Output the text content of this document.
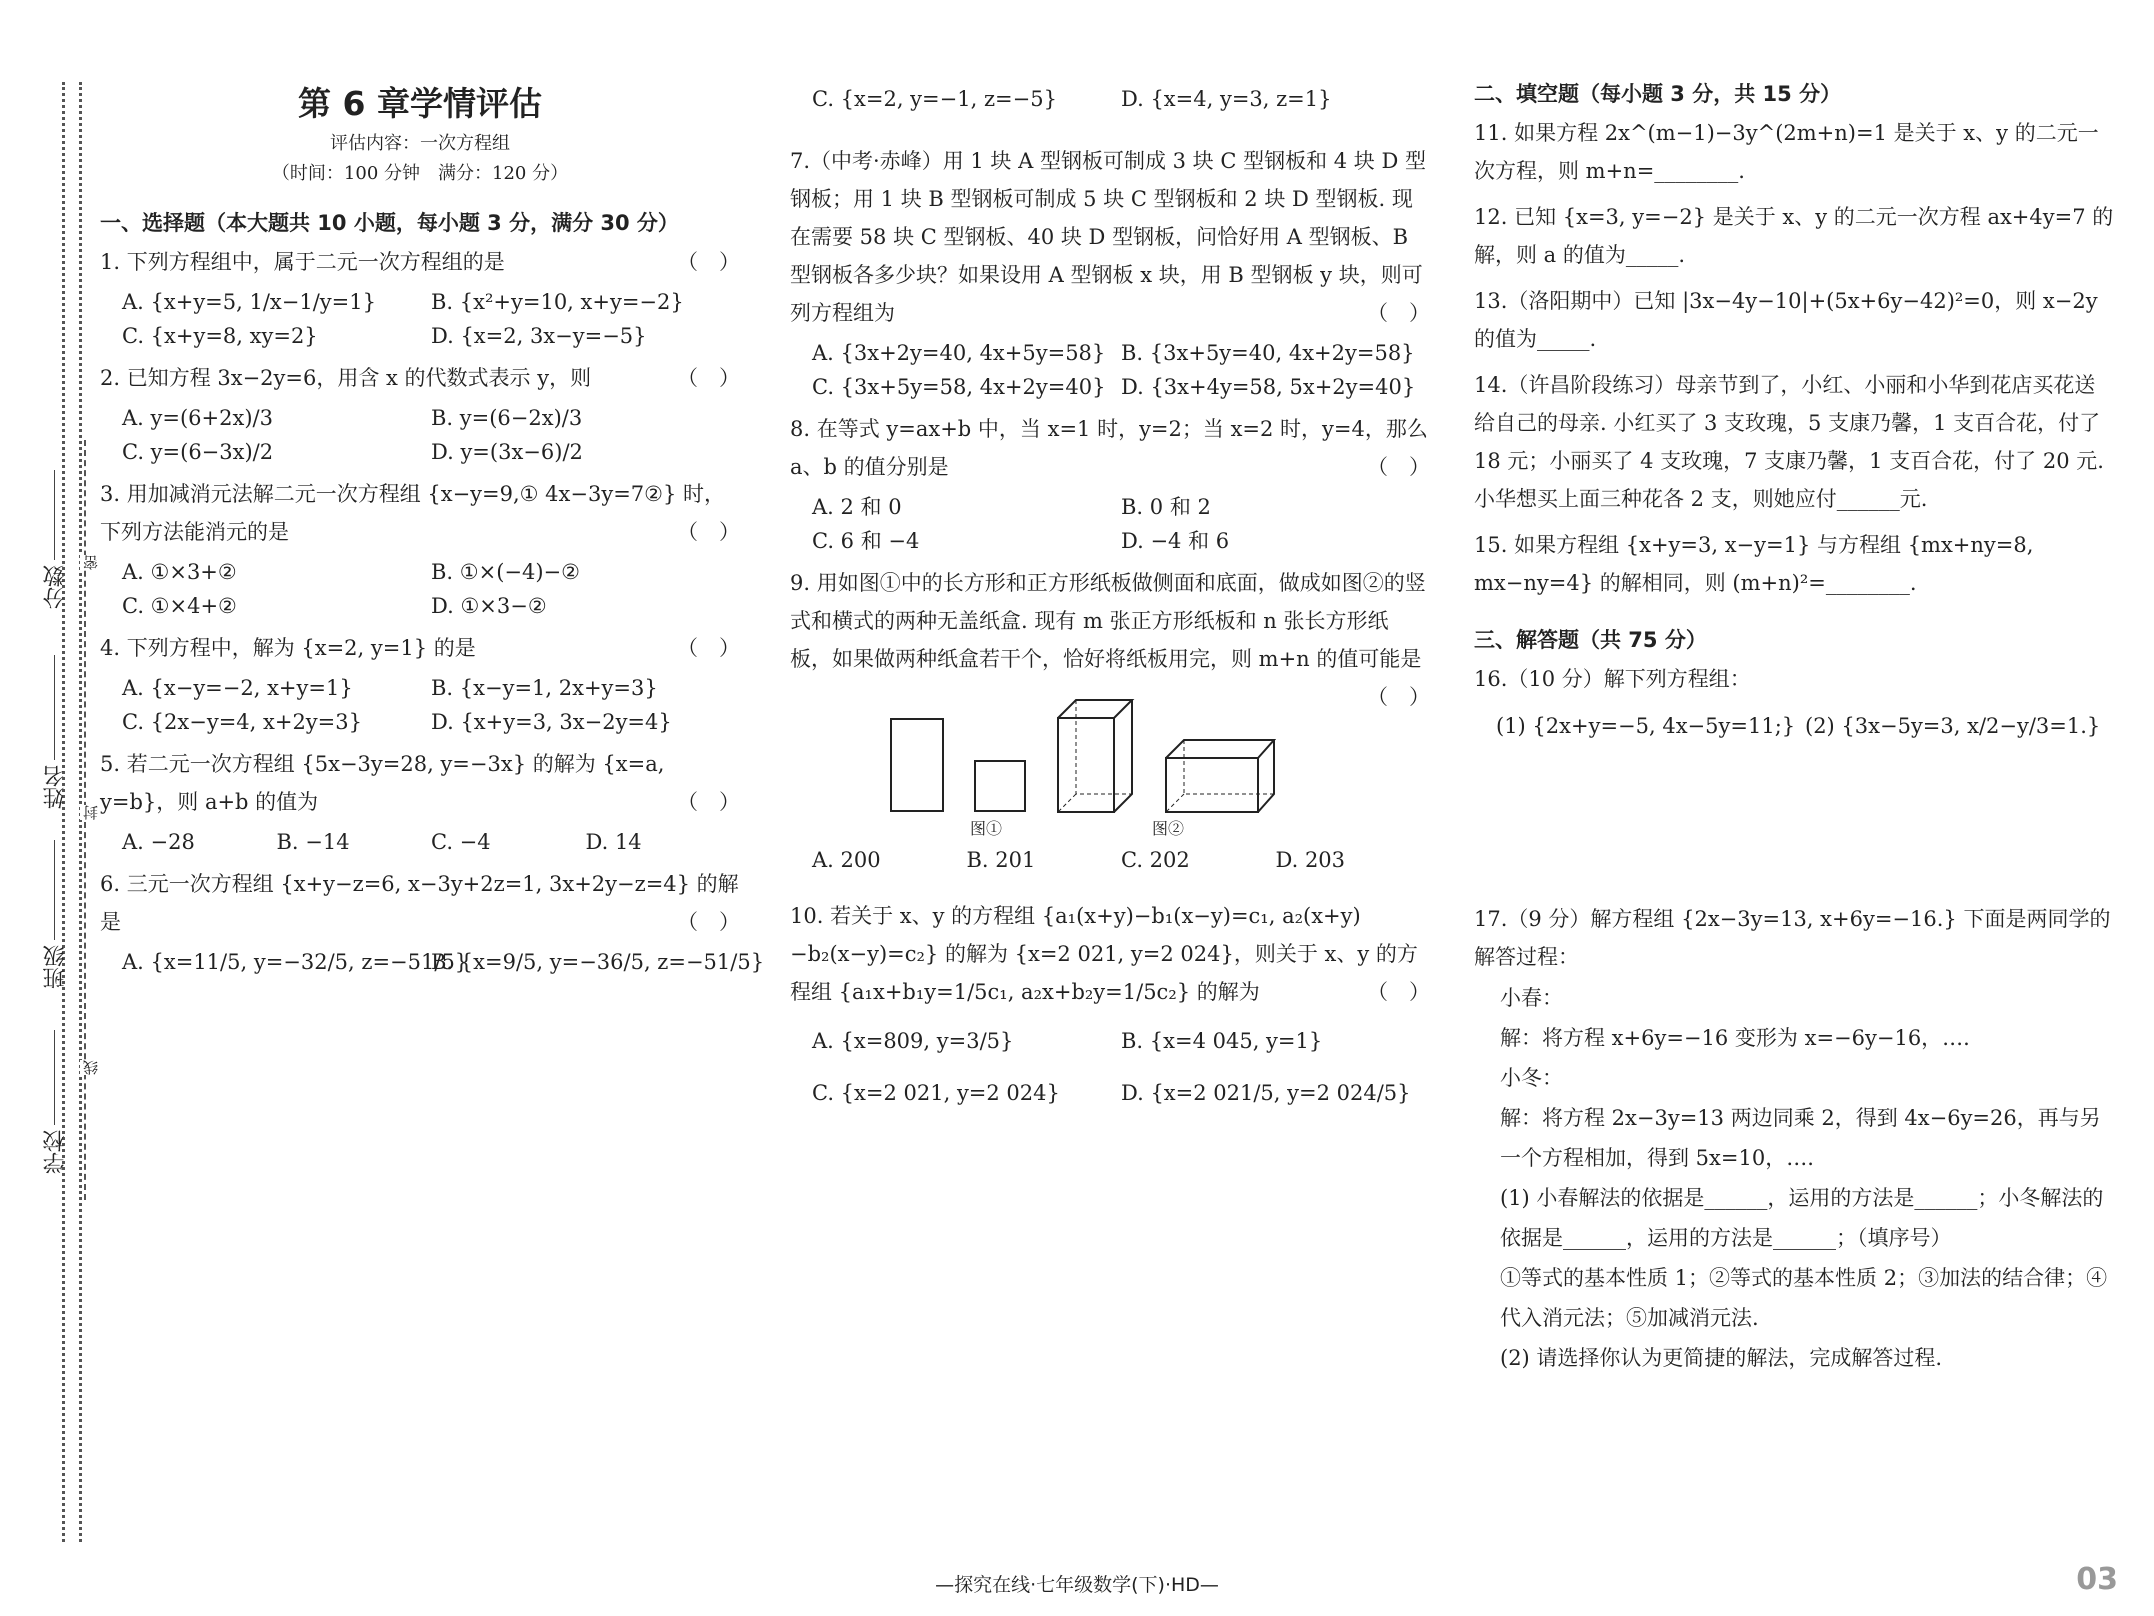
分数
姓名
班级
学校
密
封
线
第 6 章学情评估
评估内容：一次方程组
（时间：100 分钟　满分：120 分）
一、选择题（本大题共 10 小题，每小题 3 分，满分 30 分）
1. 下列方程组中，属于二元一次方程组的是	（　）
A. {x+y=5, 1/x−1/y=1}	B. {x²+y=10, x+y=−2}
C. {x+y=8, xy=2}	D. {x=2, 3x−y=−5}
2. 已知方程 3x−2y=6，用含 x 的代数式表示 y，则	（　）
A. y=(6+2x)/3	B. y=(6−2x)/3
C. y=(6−3x)/2	D. y=(3x−6)/2
3. 用加减消元法解二元一次方程组 {x−y=9,① 4x−3y=7②} 时，下列方法能消元的是	（　）
A. ①×3+②	B. ①×(−4)−②
C. ①×4+②	D. ①×3−②
4. 下列方程中，解为 {x=2, y=1} 的是	（　）
A. {x−y=−2, x+y=1}	B. {x−y=1, 2x+y=3}
C. {2x−y=4, x+2y=3}	D. {x+y=3, 3x−2y=4}
5. 若二元一次方程组 {5x−3y=28, y=−3x} 的解为 {x=a, y=b}，则 a+b 的值为	（　）
A. −28	B. −14	C. −4	D. 14
6. 三元一次方程组 {x+y−z=6, x−3y+2z=1, 3x+2y−z=4} 的解是	（　）
A. {x=11/5, y=−32/5, z=−51/5}
B. {x=9/5, y=−36/5, z=−51/5}
C. {x=2, y=−1, z=−5}	D. {x=4, y=3, z=1}
7.（中考·赤峰）用 1 块 A 型钢板可制成 3 块 C 型钢板和 4 块 D 型钢板；用 1 块 B 型钢板可制成 5 块 C 型钢板和 2 块 D 型钢板. 现在需要 58 块 C 型钢板、40 块 D 型钢板，问恰好用 A 型钢板、B 型钢板各多少块？如果设用 A 型钢板 x 块，用 B 型钢板 y 块，则可列方程组为	（　）
A. {3x+2y=40, 4x+5y=58} B. {3x+5y=40, 4x+2y=58}
C. {3x+5y=58, 4x+2y=40} D. {3x+4y=58, 5x+2y=40}
8. 在等式 y=ax+b 中，当 x=1 时，y=2；当 x=2 时，y=4，那么 a、b 的值分别是	（　）
A. 2 和 0	B. 0 和 2
C. 6 和 −4	D. −4 和 6
9. 用如图①中的长方形和正方形纸板做侧面和底面，做成如图②的竖式和横式的两种无盖纸盒. 现有 m 张正方形纸板和 n 张长方形纸板，如果做两种纸盒若干个，恰好将纸板用完，则 m+n 的值可能是
（　）
图①	图②
A. 200	B. 201	C. 202	D. 203
10. 若关于 x、y 的方程组 {a₁(x+y)−b₁(x−y)=c₁, a₂(x+y)−b₂(x−y)=c₂} 的解为 {x=2 021, y=2 024}，则关于 x、y 的方程组 {a₁x+b₁y=1/5c₁, a₂x+b₂y=1/5c₂} 的解为	（　）
A. {x=809, y=3/5}	B. {x=4 045, y=1}
C. {x=2 021, y=2 024}	D. {x=2 021/5, y=2 024/5}
二、填空题（每小题 3 分，共 15 分）
11. 如果方程 2x^(m−1)−3y^(2m+n)=1 是关于 x、y 的二元一次方程，则 m+n=________.
12. 已知 {x=3, y=−2} 是关于 x、y 的二元一次方程 ax+4y=7 的解，则 a 的值为_____.
13.（洛阳期中）已知 |3x−4y−10|+(5x+6y−42)²=0，则 x−2y 的值为_____.
14.（许昌阶段练习）母亲节到了，小红、小丽和小华到花店买花送给自己的母亲. 小红买了 3 支玫瑰，5 支康乃馨，1 支百合花，付了 18 元；小丽买了 4 支玫瑰，7 支康乃馨，1 支百合花，付了 20 元. 小华想买上面三种花各 2 支，则她应付______元.
15. 如果方程组 {x+y=3, x−y=1} 与方程组 {mx+ny=8, mx−ny=4} 的解相同，则 (m+n)²=________.
三、解答题（共 75 分）
16.（10 分）解下列方程组：
(1) {2x+y=−5, 4x−5y=11;} (2) {3x−5y=3, x/2−y/3=1.}
17.（9 分）解方程组 {2x−3y=13, x+6y=−16.} 下面是两同学的解答过程：
小春：
解：将方程 x+6y=−16 变形为 x=−6y−16，….
小冬：
解：将方程 2x−3y=13 两边同乘 2，得到 4x−6y=26，再与另一个方程相加，得到 5x=10，….
(1) 小春解法的依据是______，运用的方法是______；小冬解法的依据是______，运用的方法是______；（填序号）
①等式的基本性质 1；②等式的基本性质 2；③加法的结合律；④代入消元法；⑤加减消元法.
(2) 请选择你认为更简捷的解法，完成解答过程.
—探究在线·七年级数学(下)·HD—	03
